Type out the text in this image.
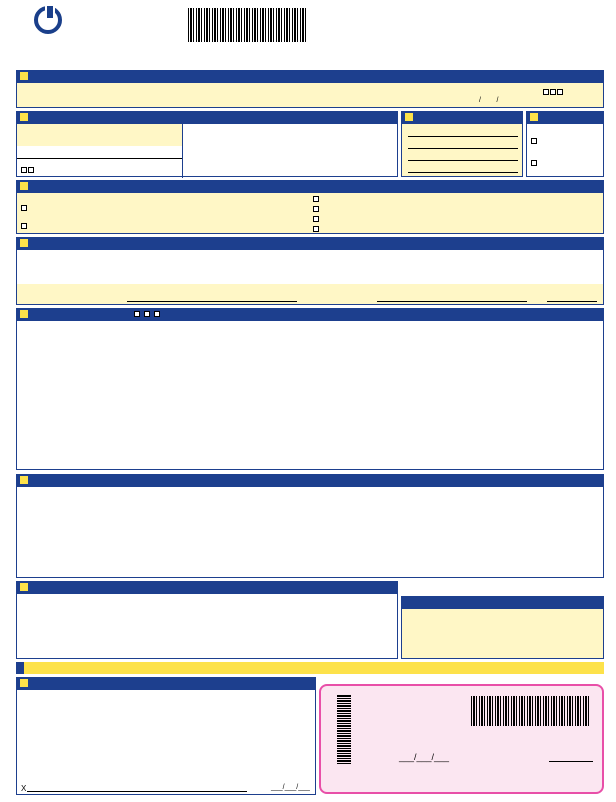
/        /

X	___/___/___
___/___/___
